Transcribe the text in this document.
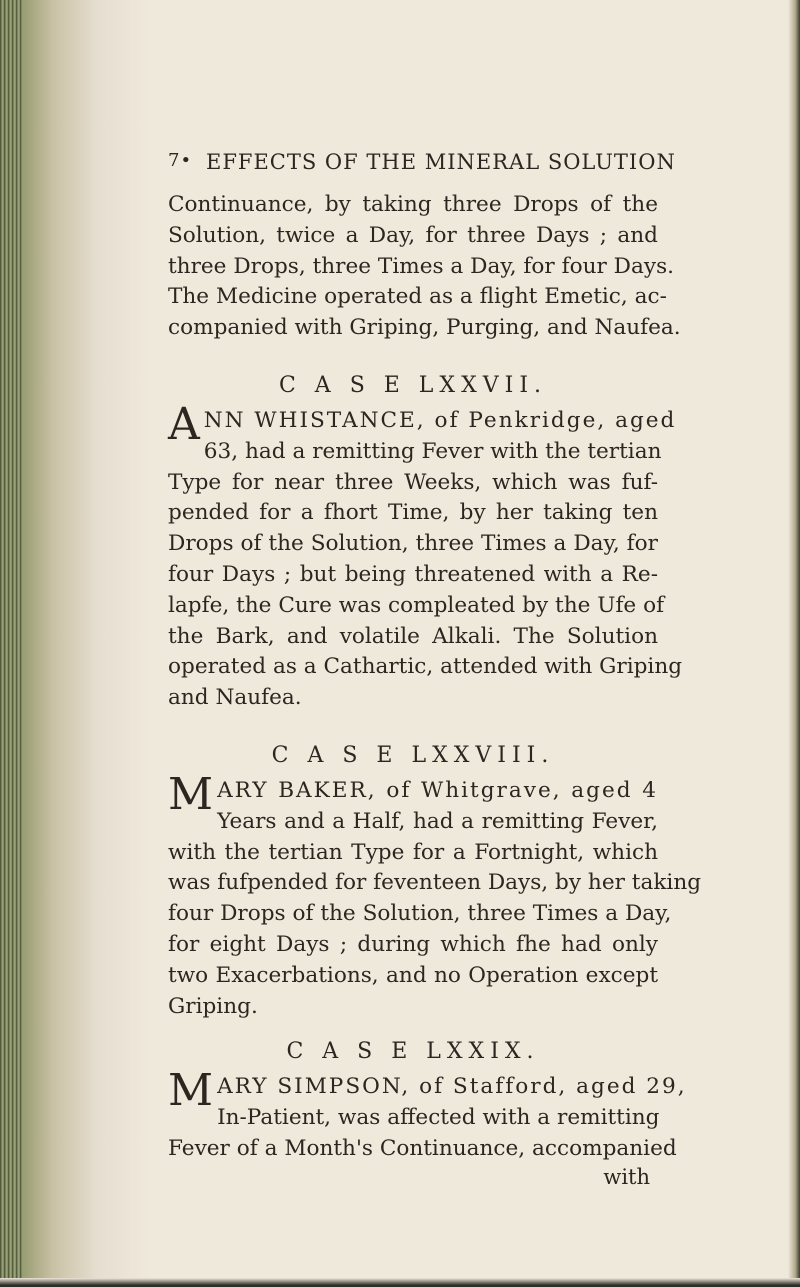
7• EFFECTS OF THE MINERAL SOLUTION
Continuance, by taking three Drops of the
Solution, twice a Day, for three Days ; and
three Drops, three Times a Day, for four Days.
The Medicine operated as a flight Emetic, ac-
companied with Griping, Purging, and Naufea.
C A S E LXXVII.
A NN WHISTANCE, of Penkridge, aged
63, had a remitting Fever with the tertian
Type for near three Weeks, which was fuf-
pended for a fhort Time, by her taking ten
Drops of the Solution, three Times a Day, for
four Days ; but being threatened with a Re-
lapfe, the Cure was compleated by the Ufe of
the Bark, and volatile Alkali. The Solution
operated as a Cathartic, attended with Griping
and Naufea.
C A S E LXXVIII.
M ARY BAKER, of Whitgrave, aged 4
Years and a Half, had a remitting Fever,
with the tertian Type for a Fortnight, which
was fufpended for feventeen Days, by her taking
four Drops of the Solution, three Times a Day,
for eight Days ; during which fhe had only
two Exacerbations, and no Operation except
Griping.
C A S E LXXIX.
M ARY SIMPSON, of Stafford, aged 29,
In-Patient, was affected with a remitting
Fever of a Month's Continuance, accompanied
with
